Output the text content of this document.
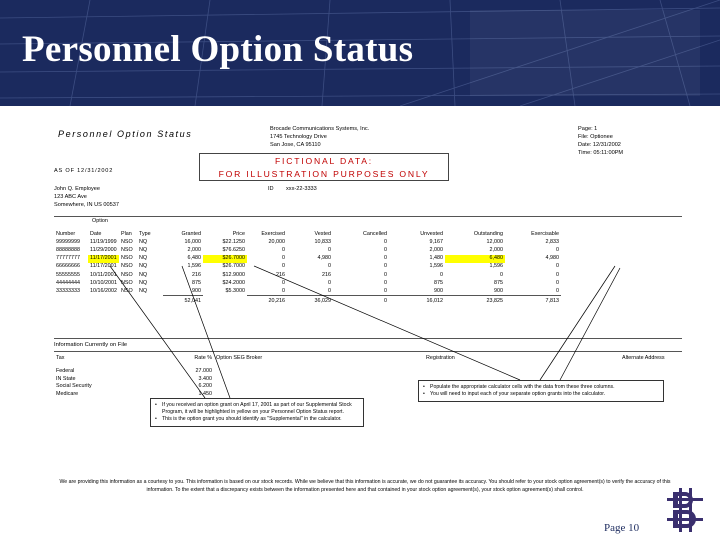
Personnel Option Status
Personnel Option Status	Brocade Communications Systems, Inc.
1745 Technology Drive
San Jose, CA 95110
Page: 1
File: Optionee
Date: 12/31/2002
Time: 05:11:00PM
AS OF 12/31/2002
FICTIONAL DATA:
FOR ILLUSTRATION PURPOSES ONLY
John Q. Employee
123 ABC Ave
Somewhere, IN US 00537
ID xxx-22-3333
Option
Number	Date	Plan	Type	Granted	Price	Exercised	Vested	Cancelled	Unvested	Outstanding	Exercisable
99999999	11/19/1999	NSO	NQ	16,000	$22.1250	20,000	10,833	0	9,167	12,000	2,833
88888888	11/29/2000	NSO	NQ	2,000	$76.6250	0	0	0	2,000	2,000	0
77777777	11/17/2001	NSO	NQ	6,480	$26.7000	0	4,980	0	1,480	6,480	4,980
66666666	11/17/2001	NSO	NQ	1,596	$26.7000	0	0	0	1,596	1,596	0
55555555	10/11/2001	NSO	NQ	216	$12.9000	216	216	0	0	0	0
44444444	10/10/2001	NSO	NQ	875	$24.2000	0	0	0	875	875	0
33333333	10/16/2002	NSO	NQ	900	$5.3000	0	0	0	900	900	0
				52,041		20,216	36,029	0	16,012	23,825	7,813
Information Currently on File
Tax	Rate %	Option SEG Broker	Registration	Alternate Address

Federal	27.000			
IN State	3.400			
Social Security	6.200			
Medicare	1.450			
• If you received an option grant on April 17, 2001 as part of our Supplemental Stock Program, it will be highlighted in yellow on your Personnel Option Status report.
• This is the option grant you should identify as "Supplemental" in the calculator.
• Populate the appropriate calculator cells with the data from these three columns.
• You will need to input each of your separate option grants into the calculator.
We are providing this information as a courtesy to you. This information is based on our stock records. While we believe that this information is accurate, we do not guarantee its accuracy. You should refer to your stock option agreement(s) to verify the accuracy of this information. To the extent that a discrepancy exists between the information presented here and that contained in your stock option agreement(s), your stock option agreement(s) shall control.
Page 10
